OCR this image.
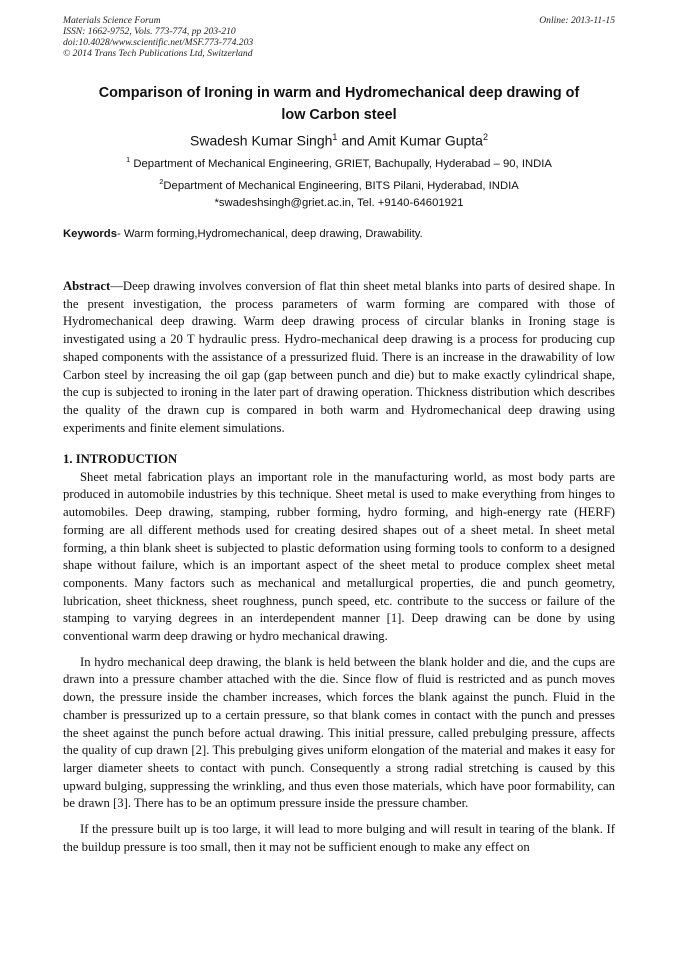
Materials Science Forum	Online: 2013-11-15
ISSN: 1662-9752, Vols. 773-774, pp 203-210
doi:10.4028/www.scientific.net/MSF.773-774.203
© 2014 Trans Tech Publications Ltd, Switzerland
Comparison of Ironing in warm and Hydromechanical deep drawing of
low Carbon steel
Swadesh Kumar Singh$^1$ and Amit Kumar Gupta$^2$
$^1$ Department of Mechanical Engineering, GRIET, Bachupally, Hyderabad – 90, INDIA
$^2$Department of Mechanical Engineering, BITS Pilani, Hyderabad, INDIA
*swadeshsingh@griet.ac.in, Tel. +9140-64601921
Keywords- Warm forming,Hydromechanical, deep drawing, Drawability.
Abstract—Deep drawing involves conversion of flat thin sheet metal blanks into parts of desired shape. In the present investigation, the process parameters of warm forming are compared with those of Hydromechanical deep drawing. Warm deep drawing process of circular blanks in Ironing stage is investigated using a 20 T hydraulic press. Hydro-mechanical deep drawing is a process for producing cup shaped components with the assistance of a pressurized fluid. There is an increase in the drawability of low Carbon steel by increasing the oil gap (gap between punch and die) but to make exactly cylindrical shape, the cup is subjected to ironing in the later part of drawing operation. Thickness distribution which describes the quality of the drawn cup is compared in both warm and Hydromechanical deep drawing using experiments and finite element simulations.
1. INTRODUCTION

Sheet metal fabrication plays an important role in the manufacturing world, as most body parts are produced in automobile industries by this technique. Sheet metal is used to make everything from hinges to automobiles. Deep drawing, stamping, rubber forming, hydro forming, and high-energy rate (HERF) forming are all different methods used for creating desired shapes out of a sheet metal. In sheet metal forming, a thin blank sheet is subjected to plastic deformation using forming tools to conform to a designed shape without failure, which is an important aspect of the sheet metal to produce complex sheet metal components. Many factors such as mechanical and metallurgical properties, die and punch geometry, lubrication, sheet thickness, sheet roughness, punch speed, etc. contribute to the success or failure of the stamping to varying degrees in an interdependent manner [1]. Deep drawing can be done by using conventional warm deep drawing or hydro mechanical drawing.

In hydro mechanical deep drawing, the blank is held between the blank holder and die, and the cups are drawn into a pressure chamber attached with the die. Since flow of fluid is restricted and as punch moves down, the pressure inside the chamber increases, which forces the blank against the punch. Fluid in the chamber is pressurized up to a certain pressure, so that blank comes in contact with the punch and presses the sheet against the punch before actual drawing. This initial pressure, called prebulging pressure, affects the quality of cup drawn [2]. This prebulging gives uniform elongation of the material and makes it easy for larger diameter sheets to contact with punch. Consequently a strong radial stretching is caused by this upward bulging, suppressing the wrinkling, and thus even those materials, which have poor formability, can be drawn [3]. There has to be an optimum pressure inside the pressure chamber.

If the pressure built up is too large, it will lead to more bulging and will result in tearing of the blank. If the buildup pressure is too small, then it may not be sufficient enough to make any effect on
